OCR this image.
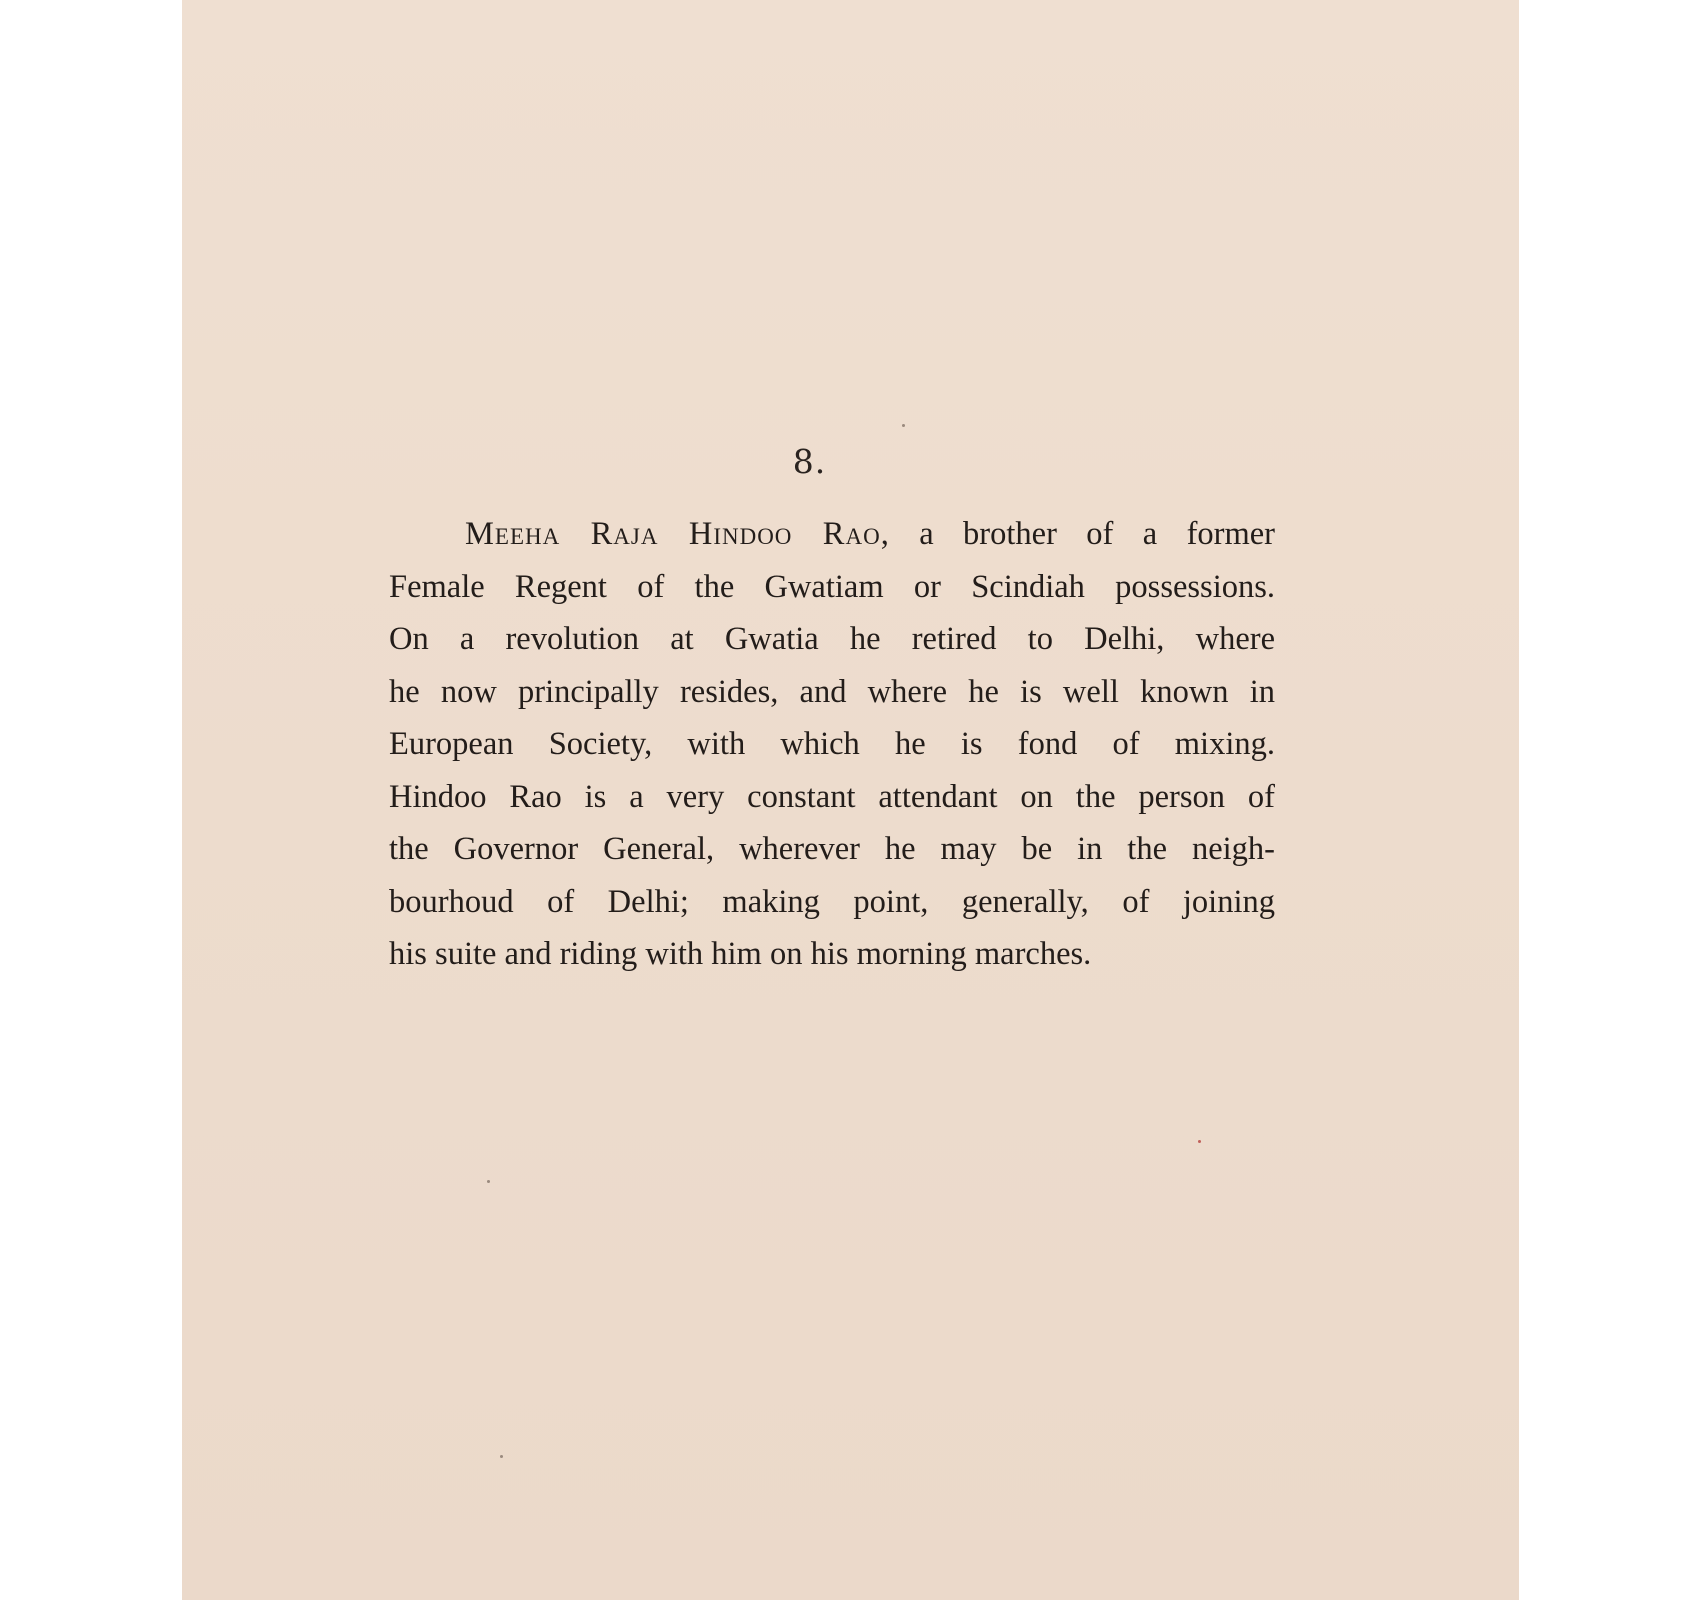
8.
Meeha Raja Hindoo Rao, a brother of a former
Female Regent of the Gwatiam or Scindiah possessions.
On a revolution at Gwatia he retired to Delhi, where
he now principally resides, and where he is well known in
European Society, with which he is fond of mixing.
Hindoo Rao is a very constant attendant on the person of
the Governor General, wherever he may be in the neigh-
bourhoud of Delhi; making point, generally, of joining
his suite and riding with him on his morning marches.
